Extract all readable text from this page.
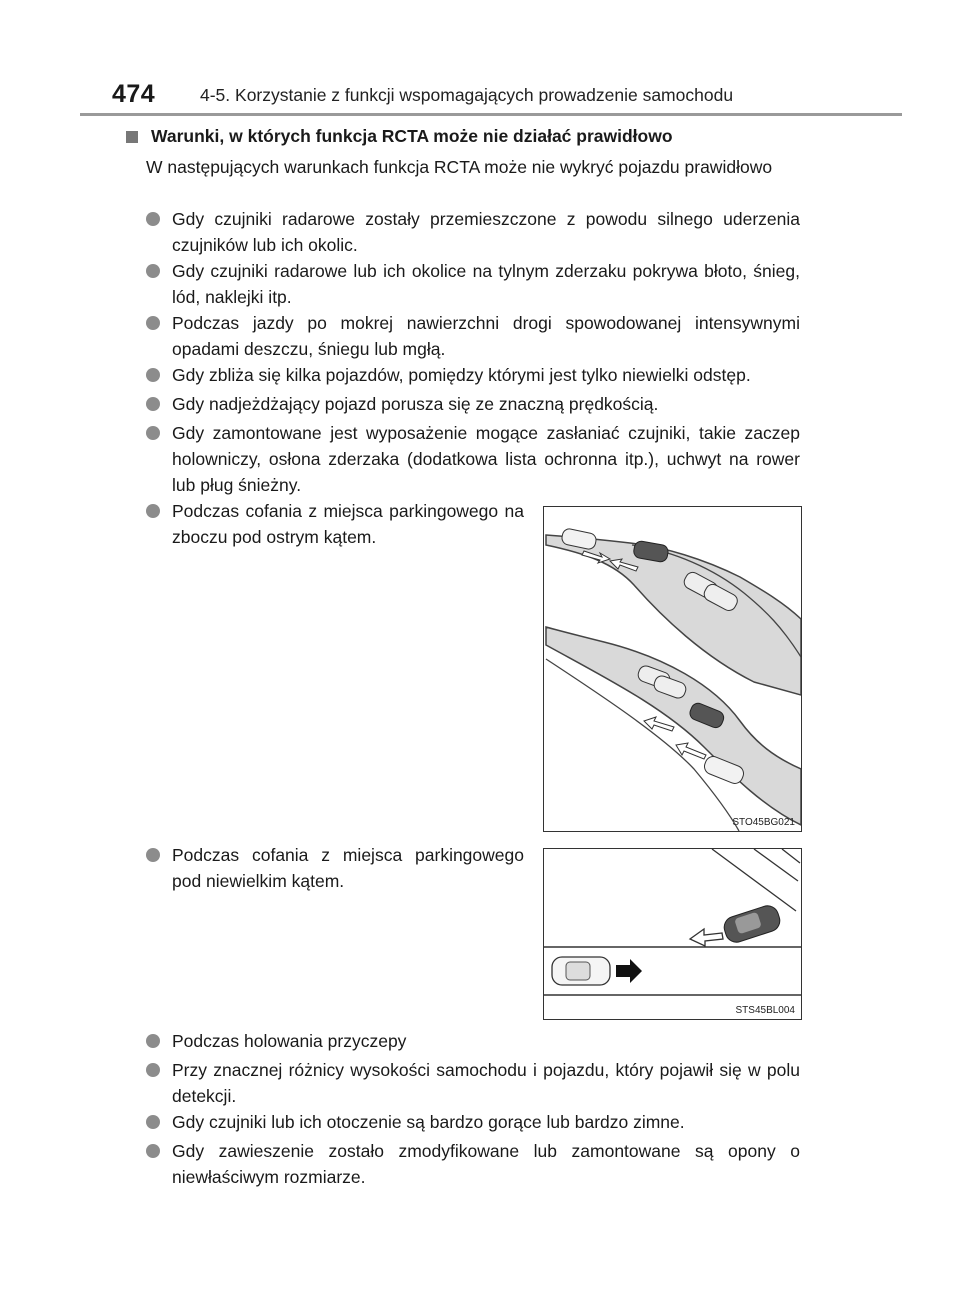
474	4-5. Korzystanie z funkcji wspomagających prowadzenie samochodu
Warunki, w których funkcja RCTA może nie działać prawidłowo
W następujących warunkach funkcja RCTA może nie wykryć pojazdu prawidłowo
Gdy czujniki radarowe zostały przemieszczone z powodu silnego uderzenia czujników lub ich okolic.
Gdy czujniki radarowe lub ich okolice na tylnym zderzaku pokrywa błoto, śnieg, lód, naklejki itp.
Podczas jazdy po mokrej nawierzchni drogi spowodowanej intensywnymi opadami deszczu, śniegu lub mgłą.
Gdy zbliża się kilka pojazdów, pomiędzy którymi jest tylko niewielki odstęp.
Gdy nadjeżdżający pojazd porusza się ze znaczną prędkością.
Gdy zamontowane jest wyposażenie mogące zasłaniać czujniki, takie zaczep holowniczy, osłona zderzaka (dodatkowa lista ochronna itp.), uchwyt na rower lub pług śnieżny.
Podczas cofania z miejsca parkingowego na zboczu pod ostrym kątem.
STO45BG021
Podczas cofania z miejsca parkingowego pod niewielkim kątem.
STS45BL004
Podczas holowania przyczepy
Przy znacznej różnicy wysokości samochodu i pojazdu, który pojawił się w polu detekcji.
Gdy czujniki lub ich otoczenie są bardzo gorące lub bardzo zimne.
Gdy zawieszenie zostało zmodyfikowane lub zamontowane są opony o niewłaściwym rozmiarze.
